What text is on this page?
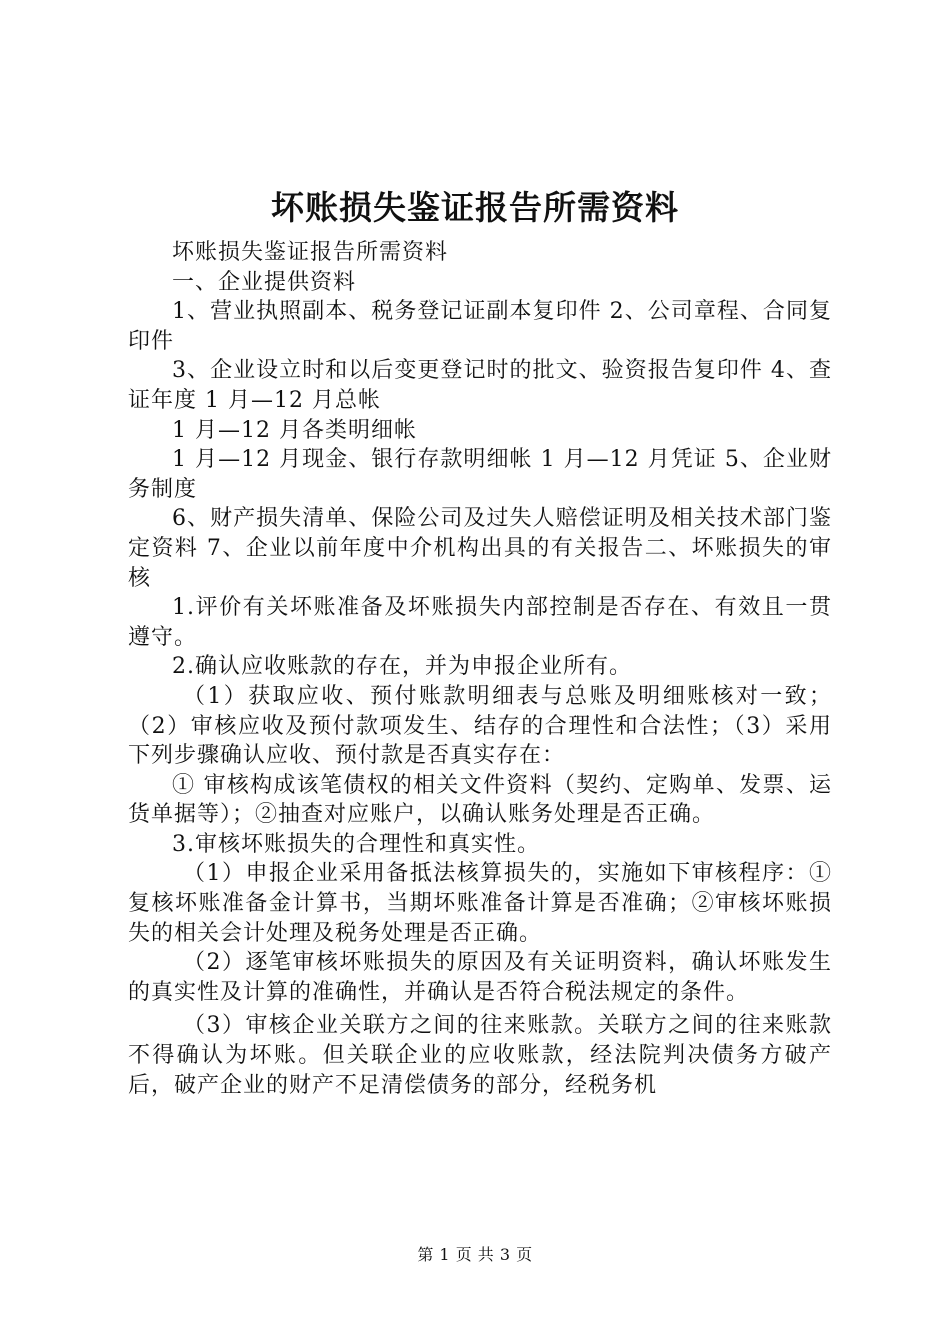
坏账损失鉴证报告所需资料

坏账损失鉴证报告所需资料

一、企业提供资料

1、营业执照副本、税务登记证副本复印件 2、公司章程、合同复印件

3、企业设立时和以后变更登记时的批文、验资报告复印件 4、查证年度 1 月—12 月总帐

1 月—12 月各类明细帐

1 月—12 月现金、银行存款明细帐 1 月—12 月凭证 5、企业财务制度

6、财产损失清单、保险公司及过失人赔偿证明及相关技术部门鉴定资料 7、企业以前年度中介机构出具的有关报告二、坏账损失的审核

1.评价有关坏账准备及坏账损失内部控制是否存在、有效且一贯遵守。

2.确认应收账款的存在，并为申报企业所有。

（1）获取应收、预付账款明细表与总账及明细账核对一致；（2）审核应收及预付款项发生、结存的合理性和合法性；（3）采用下列步骤确认应收、预付款是否真实存在：

① 审核构成该笔债权的相关文件资料（契约、定购单、发票、运货单据等）；②抽查对应账户，以确认账务处理是否正确。

3.审核坏账损失的合理性和真实性。

（1）申报企业采用备抵法核算损失的，实施如下审核程序：①复核坏账准备金计算书，当期坏账准备计算是否准确；②审核坏账损失的相关会计处理及税务处理是否正确。

（2）逐笔审核坏账损失的原因及有关证明资料，确认坏账发生的真实性及计算的准确性，并确认是否符合税法规定的条件。

（3）审核企业关联方之间的往来账款。关联方之间的往来账款不得确认为坏账。但关联企业的应收账款，经法院判决债务方破产后，破产企业的财产不足清偿债务的部分，经税务机

第 1 页 共 3 页
